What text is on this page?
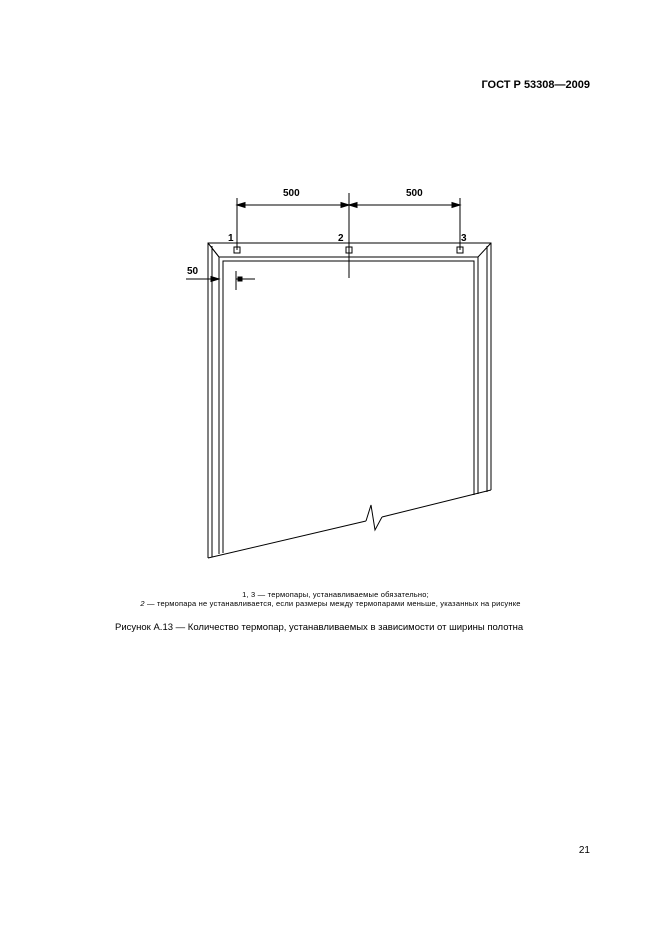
ГОСТ Р 53308—2009
500	500
50
1	2	3
1, 3 — термопары, устанавливаемые обязательно;
2 — термопара не устанавливается, если размеры между термопарами меньше, указанных на рисунке
Рисунок А.13 — Количество термопар, устанавливаемых в зависимости от ширины полотна
21
